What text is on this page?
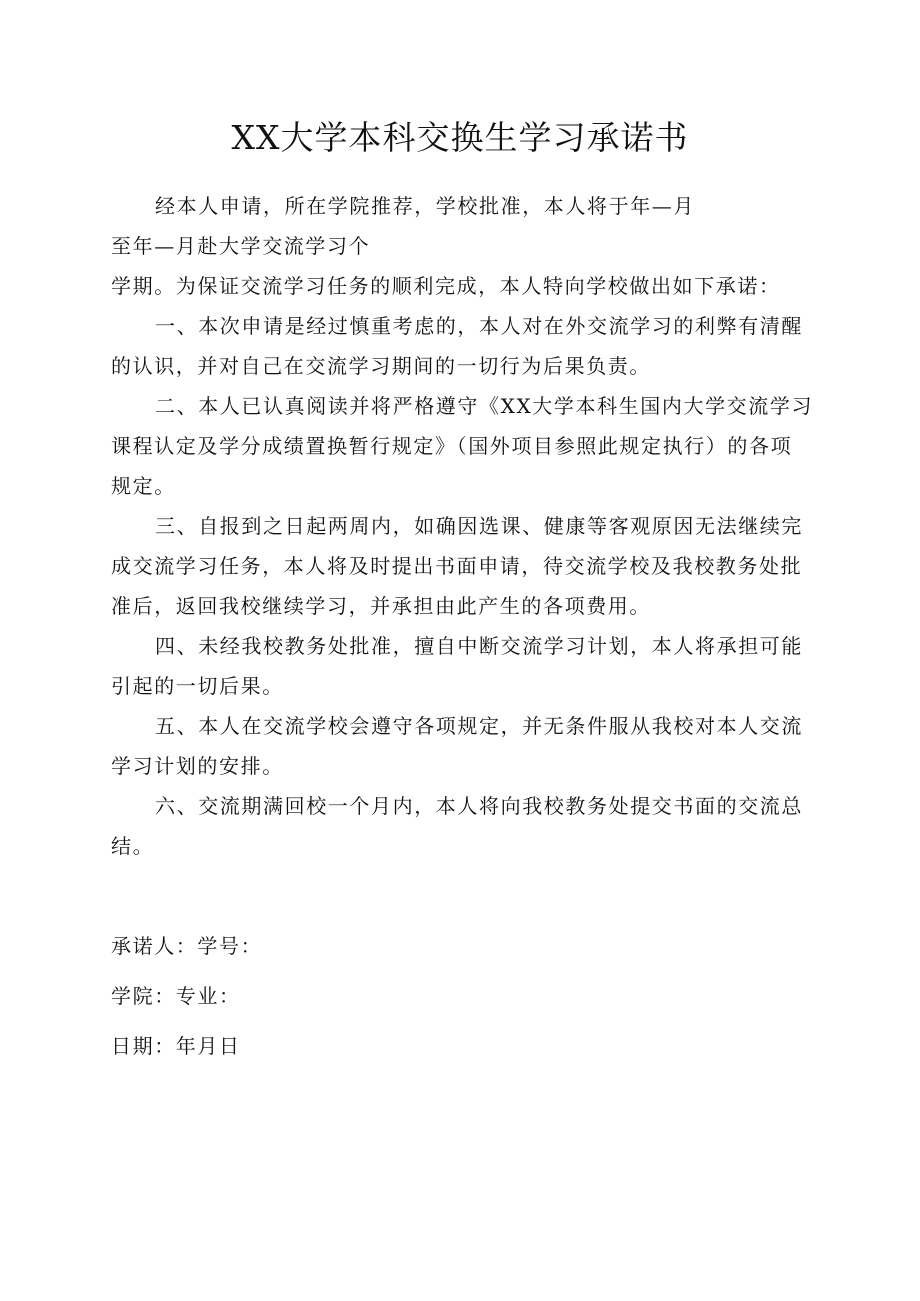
XX大学本科交换生学习承诺书
经本人申请，所在学院推荐，学校批准，本人将于年—月
至年—月赴大学交流学习个
学期。为保证交流学习任务的顺利完成，本人特向学校做出如下承诺：
一、本次申请是经过慎重考虑的，本人对在外交流学习的利弊有清醒
的认识，并对自己在交流学习期间的一切行为后果负责。
二、本人已认真阅读并将严格遵守《XX大学本科生国内大学交流学习
课程认定及学分成绩置换暂行规定》（国外项目参照此规定执行）的各项
规定。
三、自报到之日起两周内，如确因选课、健康等客观原因无法继续完
成交流学习任务，本人将及时提出书面申请，待交流学校及我校教务处批
准后，返回我校继续学习，并承担由此产生的各项费用。
四、未经我校教务处批准，擅自中断交流学习计划，本人将承担可能
引起的一切后果。
五、本人在交流学校会遵守各项规定，并无条件服从我校对本人交流
学习计划的安排。
六、交流期满回校一个月内，本人将向我校教务处提交书面的交流总
结。
承诺人：学号：
学院：专业：
日期：年月日
